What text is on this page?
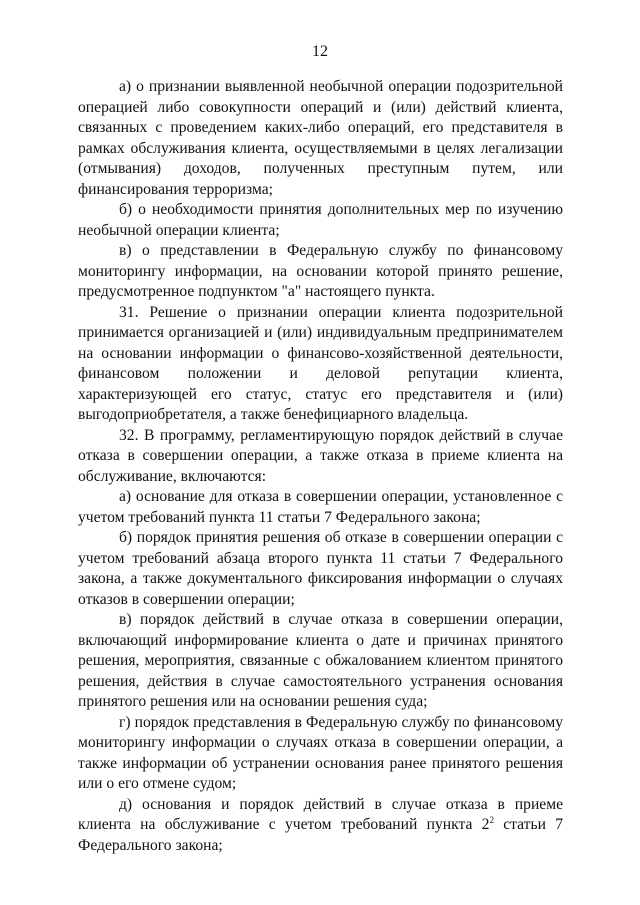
12

а) о признании выявленной необычной операции подозрительной операцией либо совокупности операций и (или) действий клиента, связанных с проведением каких-либо операций, его представителя в рамках обслуживания клиента, осуществляемыми в целях легализации (отмывания) доходов, полученных преступным путем, или финансирования терроризма;

б) о необходимости принятия дополнительных мер по изучению необычной операции клиента;

в) о представлении в Федеральную службу по финансовому мониторингу информации, на основании которой принято решение, предусмотренное подпунктом "а" настоящего пункта.

31. Решение о признании операции клиента подозрительной принимается организацией и (или) индивидуальным предпринимателем на основании информации о финансово-хозяйственной деятельности, финансовом положении и деловой репутации клиента, характеризующей его статус, статус его представителя и (или) выгодоприобретателя, а также бенефициарного владельца.

32. В программу, регламентирующую порядок действий в случае отказа в совершении операции, а также отказа в приеме клиента на обслуживание, включаются:

а) основание для отказа в совершении операции, установленное с учетом требований пункта 11 статьи 7 Федерального закона;

б) порядок принятия решения об отказе в совершении операции с учетом требований абзаца второго пункта 11 статьи 7 Федерального закона, а также документального фиксирования информации о случаях отказов в совершении операции;

в) порядок действий в случае отказа в совершении операции, включающий информирование клиента о дате и причинах принятого решения, мероприятия, связанные с обжалованием клиентом принятого решения, действия в случае самостоятельного устранения основания принятого решения или на основании решения суда;

г) порядок представления в Федеральную службу по финансовому мониторингу информации о случаях отказа в совершении операции, а также информации об устранении основания ранее принятого решения или о его отмене судом;

д) основания и порядок действий в случае отказа в приеме клиента на обслуживание с учетом требований пункта $2^2$ статьи 7 Федерального закона;
